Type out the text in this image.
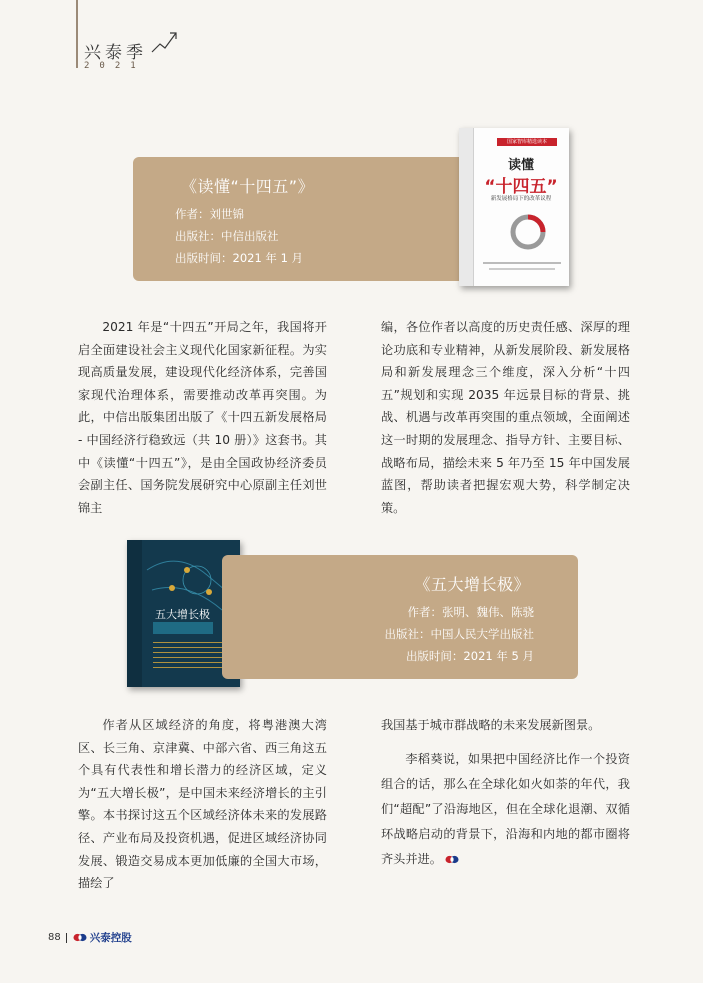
兴泰季
2021
《读懂“十四五”》
作者：刘世锦
出版社：中信出版社
出版时间：2021 年 1 月
国家智库精选读本
读懂
“十四五”
新发展格局下的改革议程

2021 年是“十四五”开局之年，我国将开启全面建设社会主义现代化国家新征程。为实现高质量发展，建设现代化经济体系，完善国家现代治理体系，需要推动改革再突围。为此，中信出版集团出版了《十四五新发展格局 - 中国经济行稳致远（共 10 册）》这套书。其中《读懂“十四五”》，是由全国政协经济委员会副主任、国务院发展研究中心原副主任刘世锦主

编，各位作者以高度的历史责任感、深厚的理论功底和专业精神，从新发展阶段、新发展格局和新发展理念三个维度，深入分析“十四五”规划和实现 2035 年远景目标的背景、挑战、机遇与改革再突围的重点领域，全面阐述这一时期的发展理念、指导方针、主要目标、战略布局，描绘未来 5 年乃至 15 年中国发展蓝图，帮助读者把握宏观大势，科学制定决策。

五大增长极
《五大增长极》
作者：张明、魏伟、陈骁
出版社：中国人民大学出版社
出版时间：2021 年 5 月

作者从区域经济的角度，将粤港澳大湾区、长三角、京津冀、中部六省、西三角这五个具有代表性和增长潜力的经济区域，定义为“五大增长极”，是中国未来经济增长的主引擎。本书探讨这五个区域经济体未来的发展路径、产业布局及投资机遇，促进区域经济协同发展、锻造交易成本更加低廉的全国大市场，描绘了

我国基于城市群战略的未来发展新图景。

李稻葵说，如果把中国经济比作一个投资组合的话，那么在全球化如火如荼的年代，我们“超配”了沿海地区，但在全球化退潮、双循环战略启动的背景下，沿海和内地的都市圈将齐头并进。

88	兴泰控股
